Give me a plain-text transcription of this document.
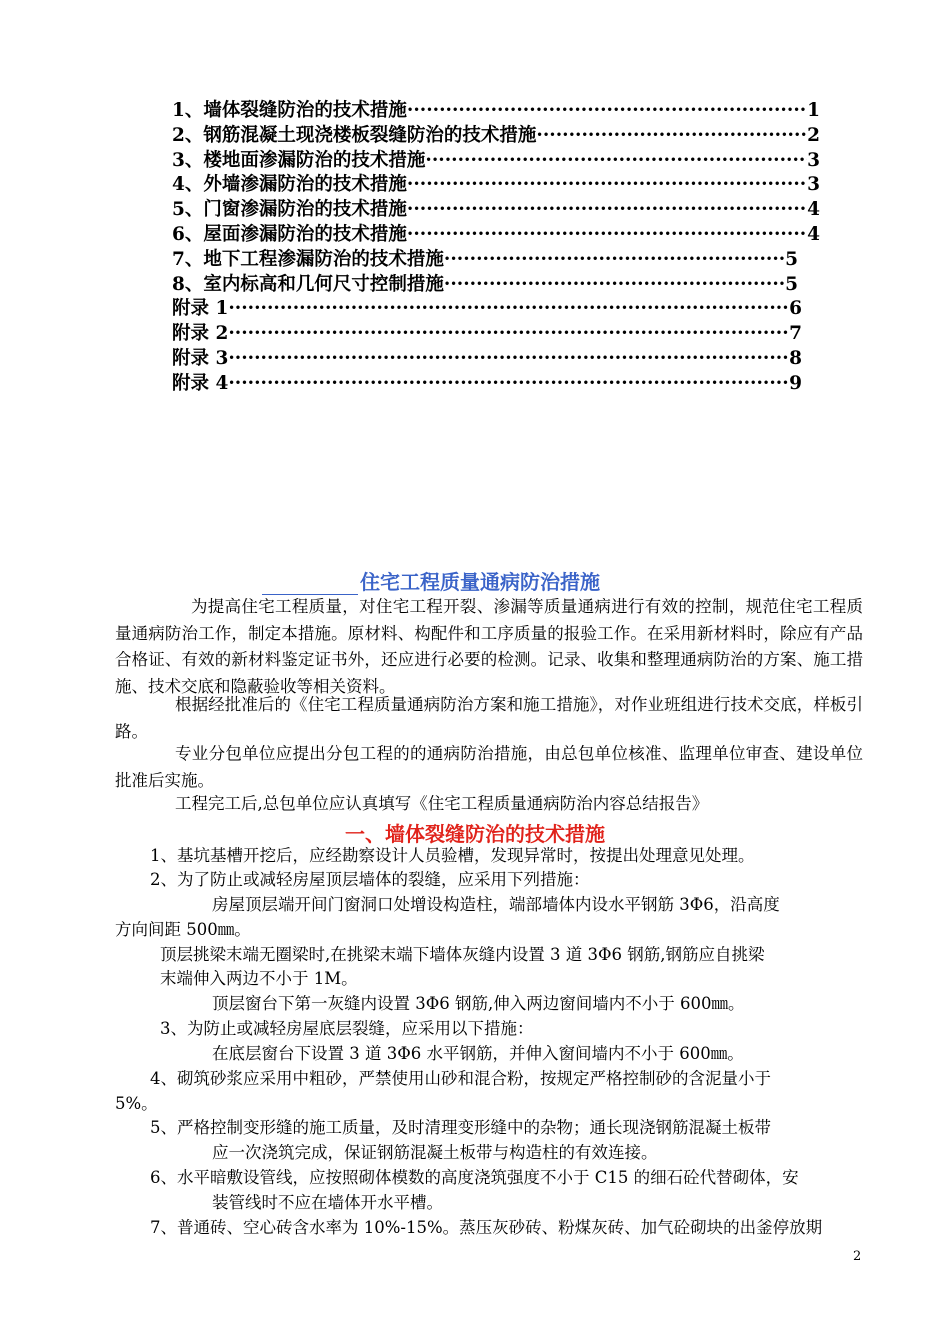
1、墙体裂缝防治的技术措施 ·····	1
2、钢筋混凝土现浇楼板裂缝防治的技术措施 ·····	2
3、楼地面渗漏防治的技术措施 ·····	3
4、外墙渗漏防治的技术措施 ·····	3
5、门窗渗漏防治的技术措施 ·····	4
6、屋面渗漏防治的技术措施 ·····	4
7、地下工程渗漏防治的技术措施 ·····	5
8、室内标高和几何尺寸控制措施 ·····	5
附录 1 ·····	6
附录 2 ·····	7
附录 3 ·····	8
附录 4 ·····	9
住宅工程质量通病防治措施
为提高住宅工程质量，对住宅工程开裂、渗漏等质量通病进行有效的控制，规范住宅工程质量通病防治工作，制定本措施。原材料、构配件和工序质量的报验工作。在采用新材料时，除应有产品合格证、有效的新材料鉴定证书外，还应进行必要的检测。记录、收集和整理通病防治的方案、施工措施、技术交底和隐蔽验收等相关资料。
根据经批准后的《住宅工程质量通病防治方案和施工措施》，对作业班组进行技术交底，样板引路。
专业分包单位应提出分包工程的的通病防治措施，由总包单位核准、监理单位审查、建设单位批准后实施。
工程完工后,总包单位应认真填写《住宅工程质量通病防治内容总结报告》
一、墙体裂缝防治的技术措施
1、基坑基槽开挖后，应经勘察设计人员验槽，发现异常时，按提出处理意见处理。
2、为了防止或减轻房屋顶层墙体的裂缝，应采用下列措施：
房屋顶层端开间门窗洞口处增设构造柱，端部墙体内设水平钢筋 3Φ6，沿高度
方向间距 500㎜。
顶层挑梁末端无圈梁时,在挑梁末端下墙体灰缝内设置 3 道 3Φ6 钢筋,钢筋应自挑梁
末端伸入两边不小于 1M。
顶层窗台下第一灰缝内设置 3Φ6 钢筋,伸入两边窗间墙内不小于 600㎜。
3、为防止或减轻房屋底层裂缝，应采用以下措施：
在底层窗台下设置 3 道 3Φ6 水平钢筋，并伸入窗间墙内不小于 600㎜。
4、砌筑砂浆应采用中粗砂，严禁使用山砂和混合粉，按规定严格控制砂的含泥量小于
5%。
5、严格控制变形缝的施工质量，及时清理变形缝中的杂物；通长现浇钢筋混凝土板带
应一次浇筑完成，保证钢筋混凝土板带与构造柱的有效连接。
6、水平暗敷设管线，应按照砌体模数的高度浇筑强度不小于 C15 的细石砼代替砌体，安
装管线时不应在墙体开水平槽。
7、普通砖、空心砖含水率为 10%-15%。蒸压灰砂砖、粉煤灰砖、加气砼砌块的出釜停放期
2
